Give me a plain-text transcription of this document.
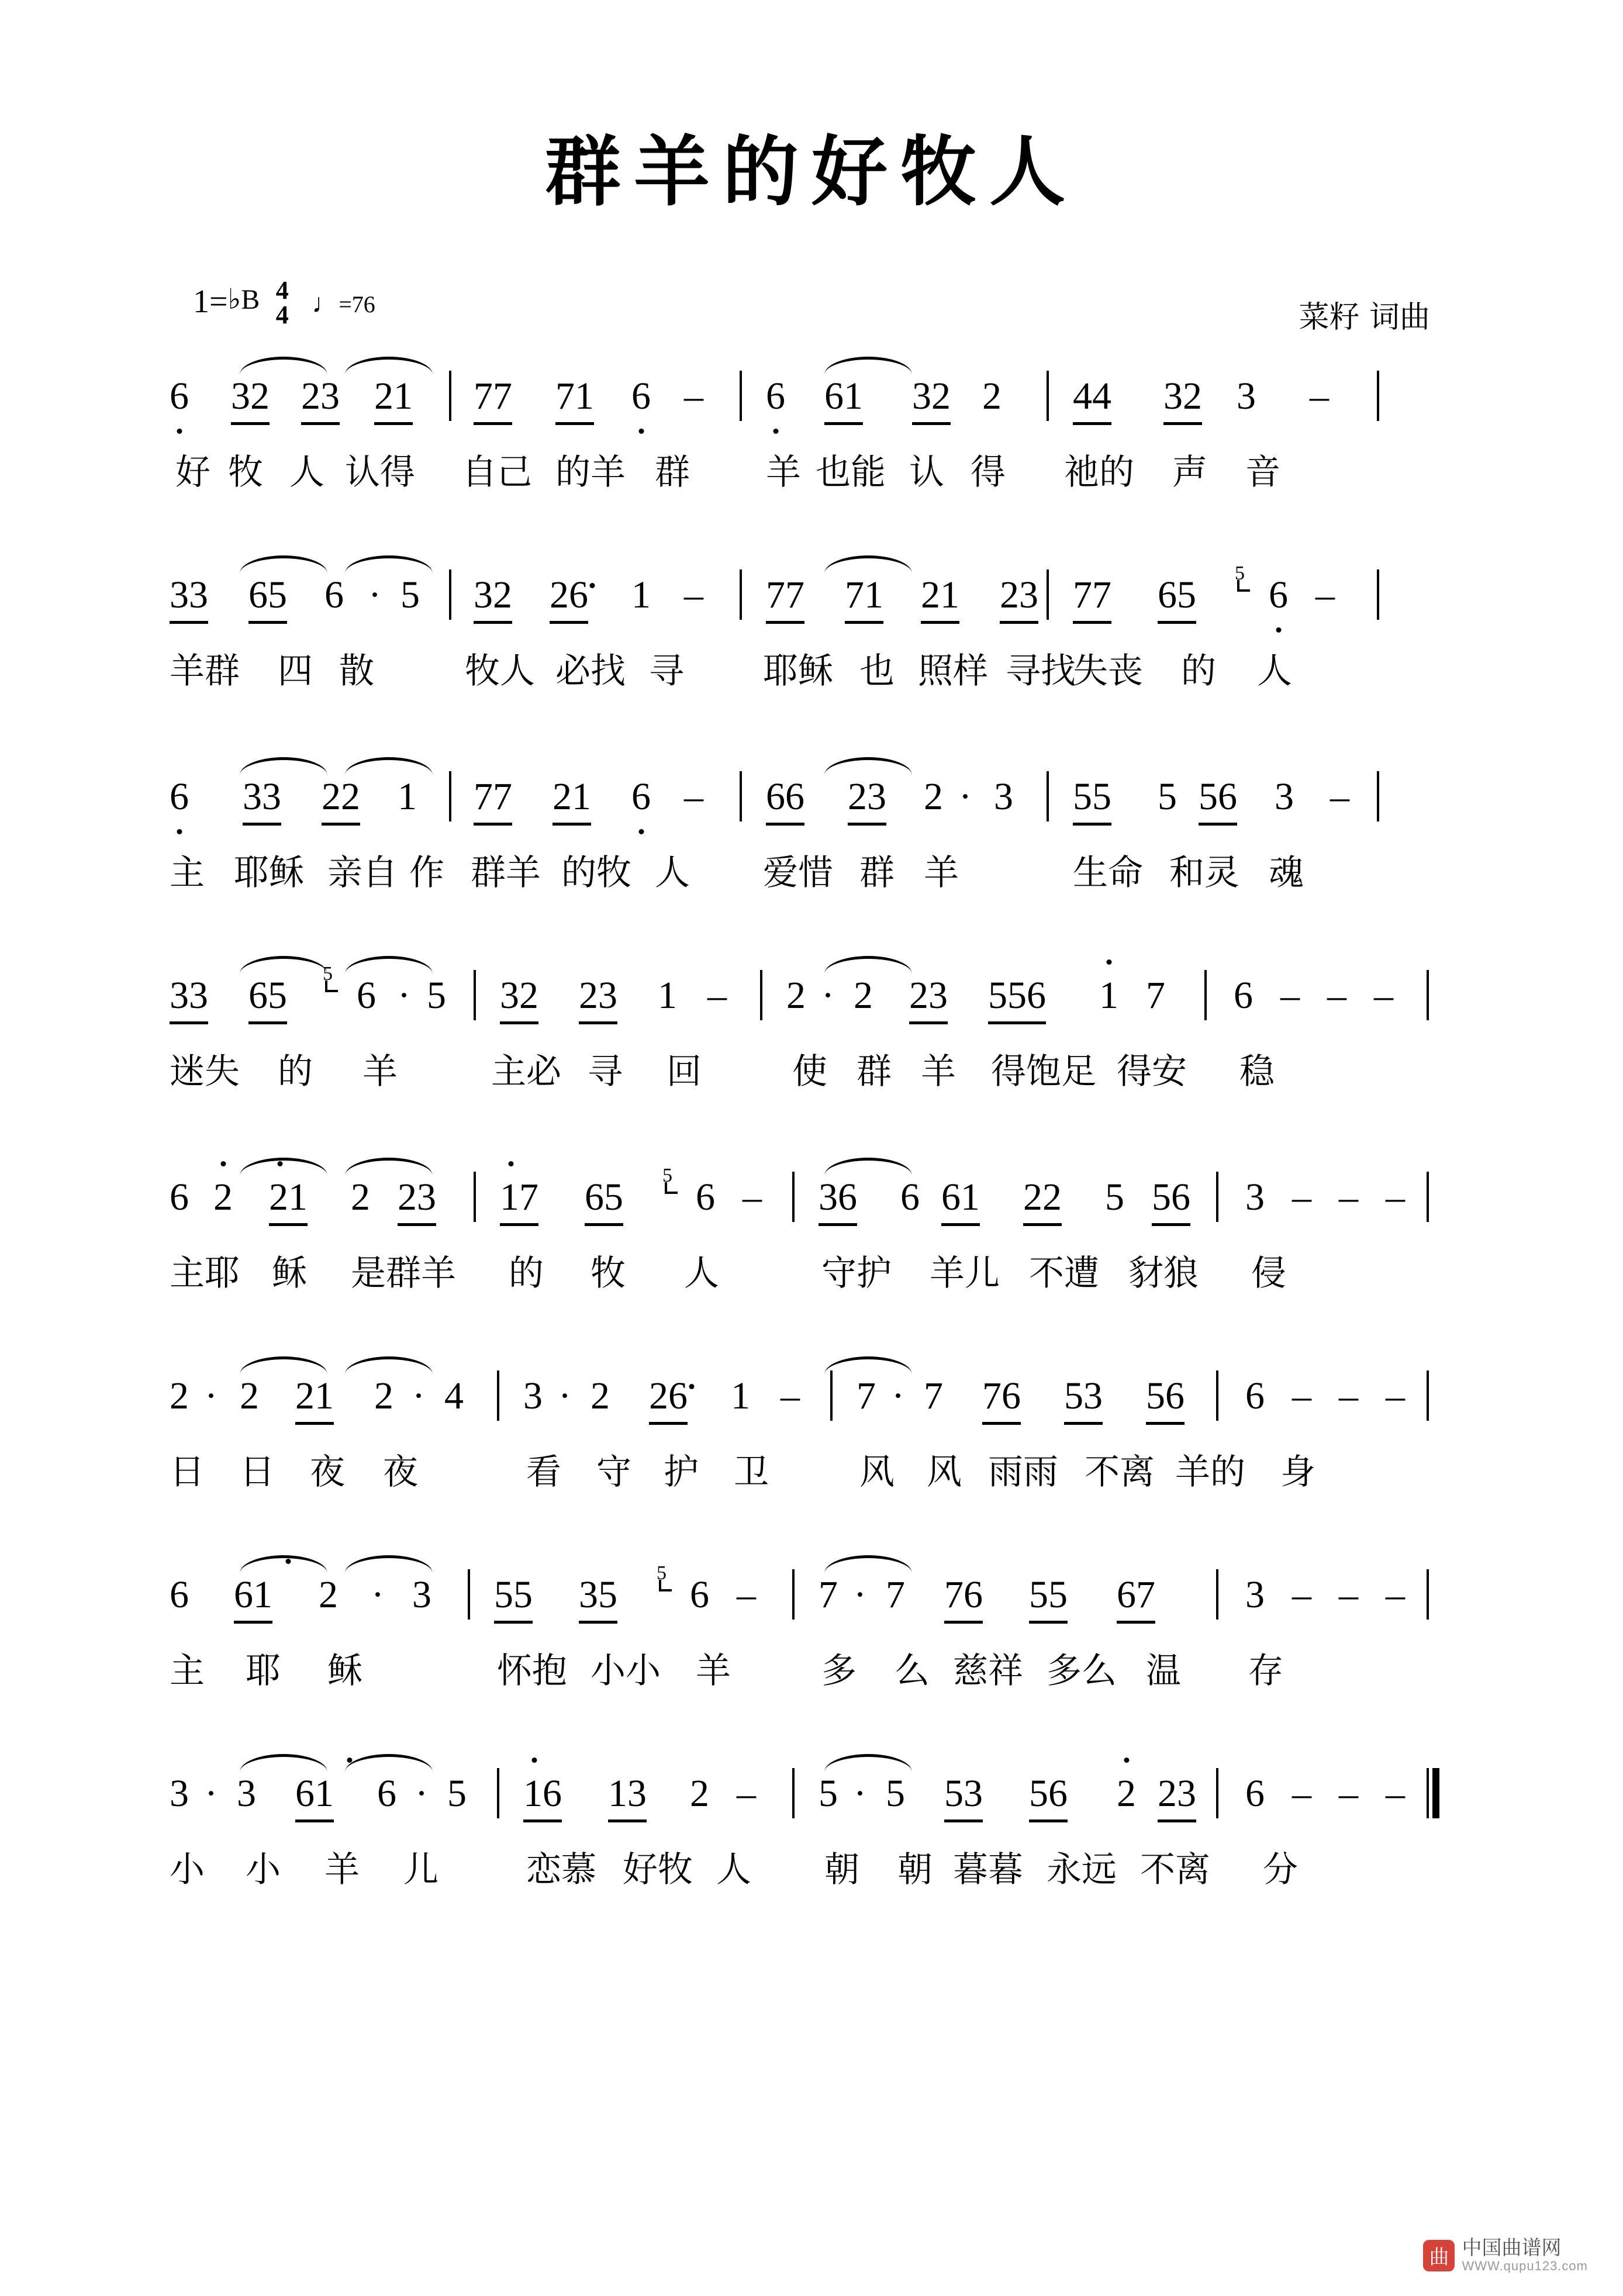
群羊的好牧人
1=♭B 4
4 ♩=76	菜籽 词曲
6 32 23 21 77 71 6 – 6 61 32 2 44 32 3 –
好 牧 人 认得 自己 的羊 群 羊 也能 认 得 祂的 声 音
33 65 6 · 5 32 26 1 – 77 71 21 23 77 65 6 –
5
羊群 四 散	牧人 必找 寻 耶稣 也 照样 寻找
失丧 的 人
6 33 22 1 77 21 6 – 66 23 2 · 3 55 5 56 3 –
主 耶稣 亲自 作 群羊 的牧 人 爱惜 群 羊	生命 和灵 魂
33 65 6 · 5 32 23 1 – 2 · 2 23 556 1 7 6 – – –
5
迷失 的 羊	主必 寻 回	使 群 羊 得饱足 得安 稳
6 2 21 2 23 17 65 6 – 36 6 61 22 5 56 3 – – –
5
主耶 稣 是群羊 的 牧 人	守护 羊儿 不遭 豺狼 侵
2 · 2 21 2 · 4 3 · 2 26 1 – 7 · 7 76 53 56 6 – – –
日 日 夜 夜	看 守 护 卫	风 风 雨雨 不离 羊的 身
6 61 2 · 3 55 35 6 – 7 · 7 76 55 67 3 – – –
5
主 耶 稣	怀抱 小小 羊	多 么 慈祥 多么 温 存
3 · 3 61 6 · 5 16 13 2 – 5 · 5 53 56 2 23 6 – – –
小 小 羊 儿	恋慕 好牧 人 朝 朝 暮暮 永远 不离 分
曲 中国曲谱网
WWW.qupu123.com
